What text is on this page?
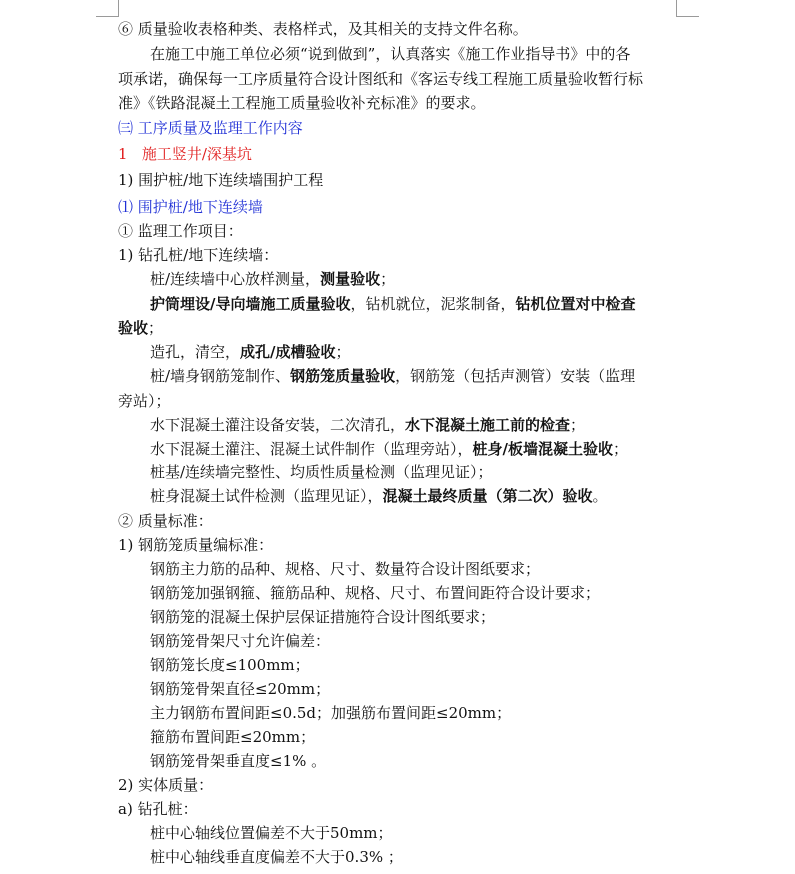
⑥ 质量验收表格种类、表格样式，及其相关的支持文件名称。
在施工中施工单位必须“说到做到”，认真落实《施工作业指导书》中的各
项承诺，确保每一工序质量符合设计图纸和《客运专线工程施工质量验收暂行标
准》《铁路混凝土工程施工质量验收补充标准》的要求。
㈢ 工序质量及监理工作内容
1   施工竖井/深基坑
1) 围护桩/地下连续墙围护工程
⑴ 围护桩/地下连续墙
① 监理工作项目：
1) 钻孔桩/地下连续墙：
桩/连续墙中心放样测量，测量验收；
护筒埋设/导向墙施工质量验收，钻机就位，泥浆制备，钻机位置对中检查
验收；
造孔，清空，成孔/成槽验收；
桩/墙身钢筋笼制作、钢筋笼质量验收，钢筋笼（包括声测管）安装（监理
旁站）；
水下混凝土灌注设备安装，二次清孔，水下混凝土施工前的检查；
水下混凝土灌注、混凝土试件制作（监理旁站），桩身/板墙混凝土验收；
桩基/连续墙完整性、均质性质量检测（监理见证）；
桩身混凝土试件检测（监理见证），混凝土最终质量（第二次）验收。
② 质量标准：
1) 钢筋笼质量编标准：
钢筋主力筋的品种、规格、尺寸、数量符合设计图纸要求；
钢筋笼加强钢箍、箍筋品种、规格、尺寸、布置间距符合设计要求；
钢筋笼的混凝土保护层保证措施符合设计图纸要求；
钢筋笼骨架尺寸允许偏差：
钢筋笼长度≤100mm；
钢筋笼骨架直径≤20mm；
主力钢筋布置间距≤0.5d；加强筋布置间距≤20mm；
箍筋布置间距≤20mm；
钢筋笼骨架垂直度≤1% 。
2) 实体质量：
a) 钻孔桩：
桩中心轴线位置偏差不大于50mm；
桩中心轴线垂直度偏差不大于0.3% ；
